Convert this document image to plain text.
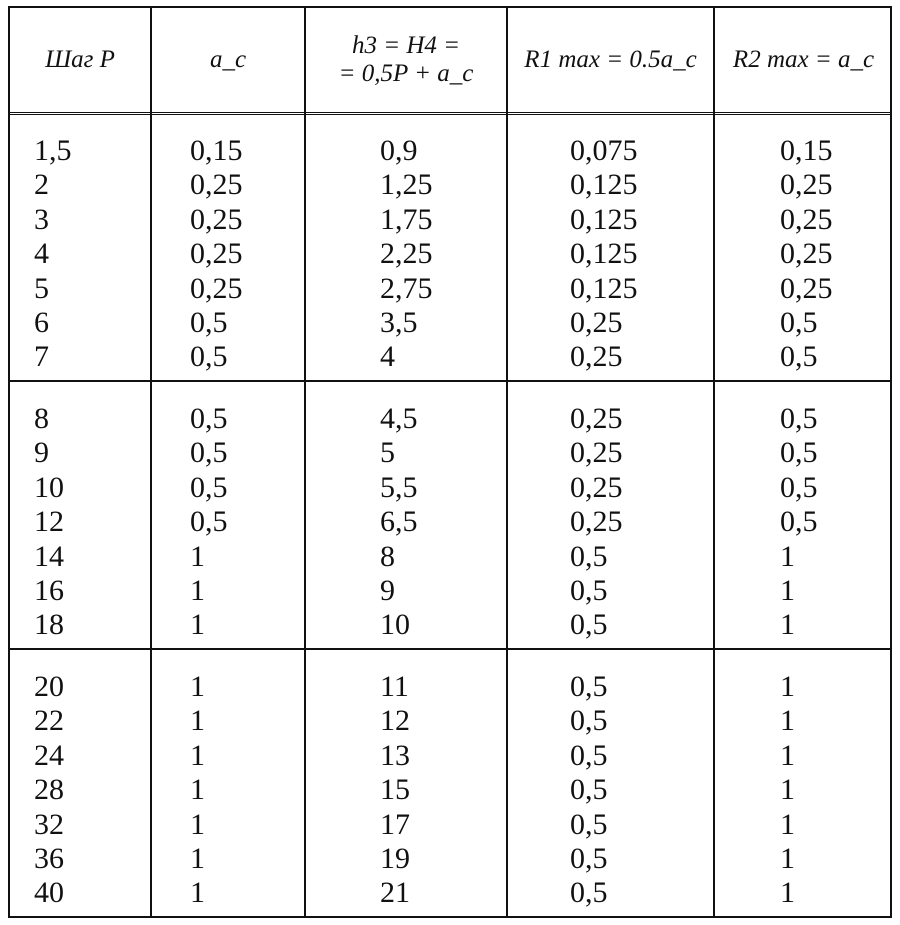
Шаг P	a_c
h3 = H4 =
= 0,5P + a_c
R1 max = 0.5a_c R2 max = a_c
1,5
2
3
4
5
6
7
0,15
0,25
0,25
0,25
0,25
0,5
0,5
0,9
1,25
1,75
2,25
2,75
3,5
4
0,075
0,125
0,125
0,125
0,125
0,25
0,25
0,15
0,25
0,25
0,25
0,25
0,5
0,5
8
9
10
12
14
16
18
0,5
0,5
0,5
0,5
1
1
1
4,5
5
5,5
6,5
8
9
10
0,25
0,25
0,25
0,25
0,5
0,5
0,5
0,5
0,5
0,5
0,5
1
1
1
20
22
24
28
32
36
40
1
1
1
1
1
1
1
11
12
13
15
17
19
21
0,5
0,5
0,5
0,5
0,5
0,5
0,5
1
1
1
1
1
1
1
